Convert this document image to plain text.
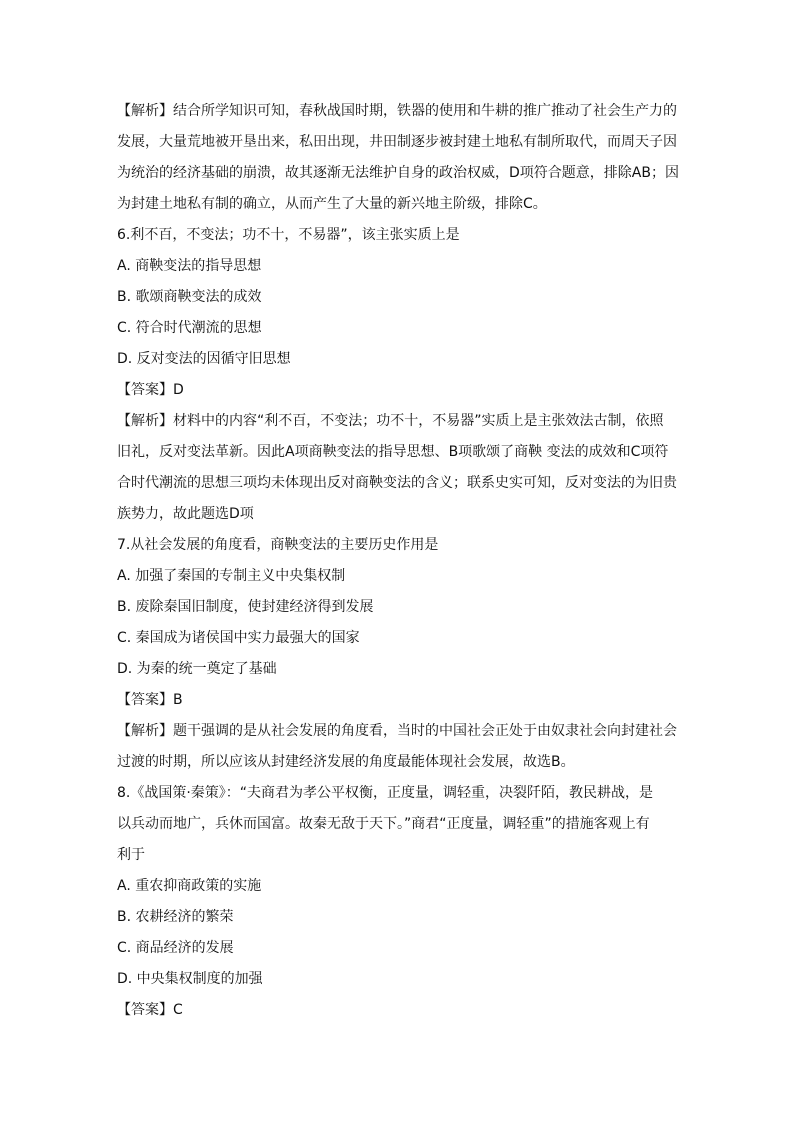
【解析】结合所学知识可知，春秋战国时期，铁器的使用和牛耕的推广推动了社会生产力的
发展，大量荒地被开垦出来，私田出现，井田制逐步被封建土地私有制所取代，而周天子因
为统治的经济基础的崩溃，故其逐渐无法维护自身的政治权威，D项符合题意，排除AB；因
为封建土地私有制的确立，从而产生了大量的新兴地主阶级，排除C。
6.利不百，不变法；功不十，不易器”，该主张实质上是
A. 商鞅变法的指导思想
B. 歌颂商鞅变法的成效
C. 符合时代潮流的思想
D. 反对变法的因循守旧思想
【答案】D
【解析】材料中的内容“利不百，不变法；功不十，不易器”实质上是主张效法古制，依照
旧礼，反对变法革新。因此A项商鞅变法的指导思想、B项歌颂了商鞅 变法的成效和C项符
合时代潮流的思想三项均未体现出反对商鞅变法的含义；联系史实可知，反对变法的为旧贵
族势力，故此题选D项
7.从社会发展的角度看，商鞅变法的主要历史作用是
A. 加强了秦国的专制主义中央集权制
B. 废除秦国旧制度，使封建经济得到发展
C. 秦国成为诸侯国中实力最强大的国家
D. 为秦的统一奠定了基础
【答案】B
【解析】题干强调的是从社会发展的角度看，当时的中国社会正处于由奴隶社会向封建社会
过渡的时期，所以应该从封建经济发展的角度最能体现社会发展，故选B。
8.《战国策·秦策》：“夫商君为孝公平权衡，正度量，调轻重，决裂阡陌，教民耕战，是
以兵动而地广，兵休而国富。故秦无敌于天下。”商君“正度量，调轻重”的措施客观上有
利于
A. 重农抑商政策的实施
B. 农耕经济的繁荣
C. 商品经济的发展
D. 中央集权制度的加强
【答案】C
